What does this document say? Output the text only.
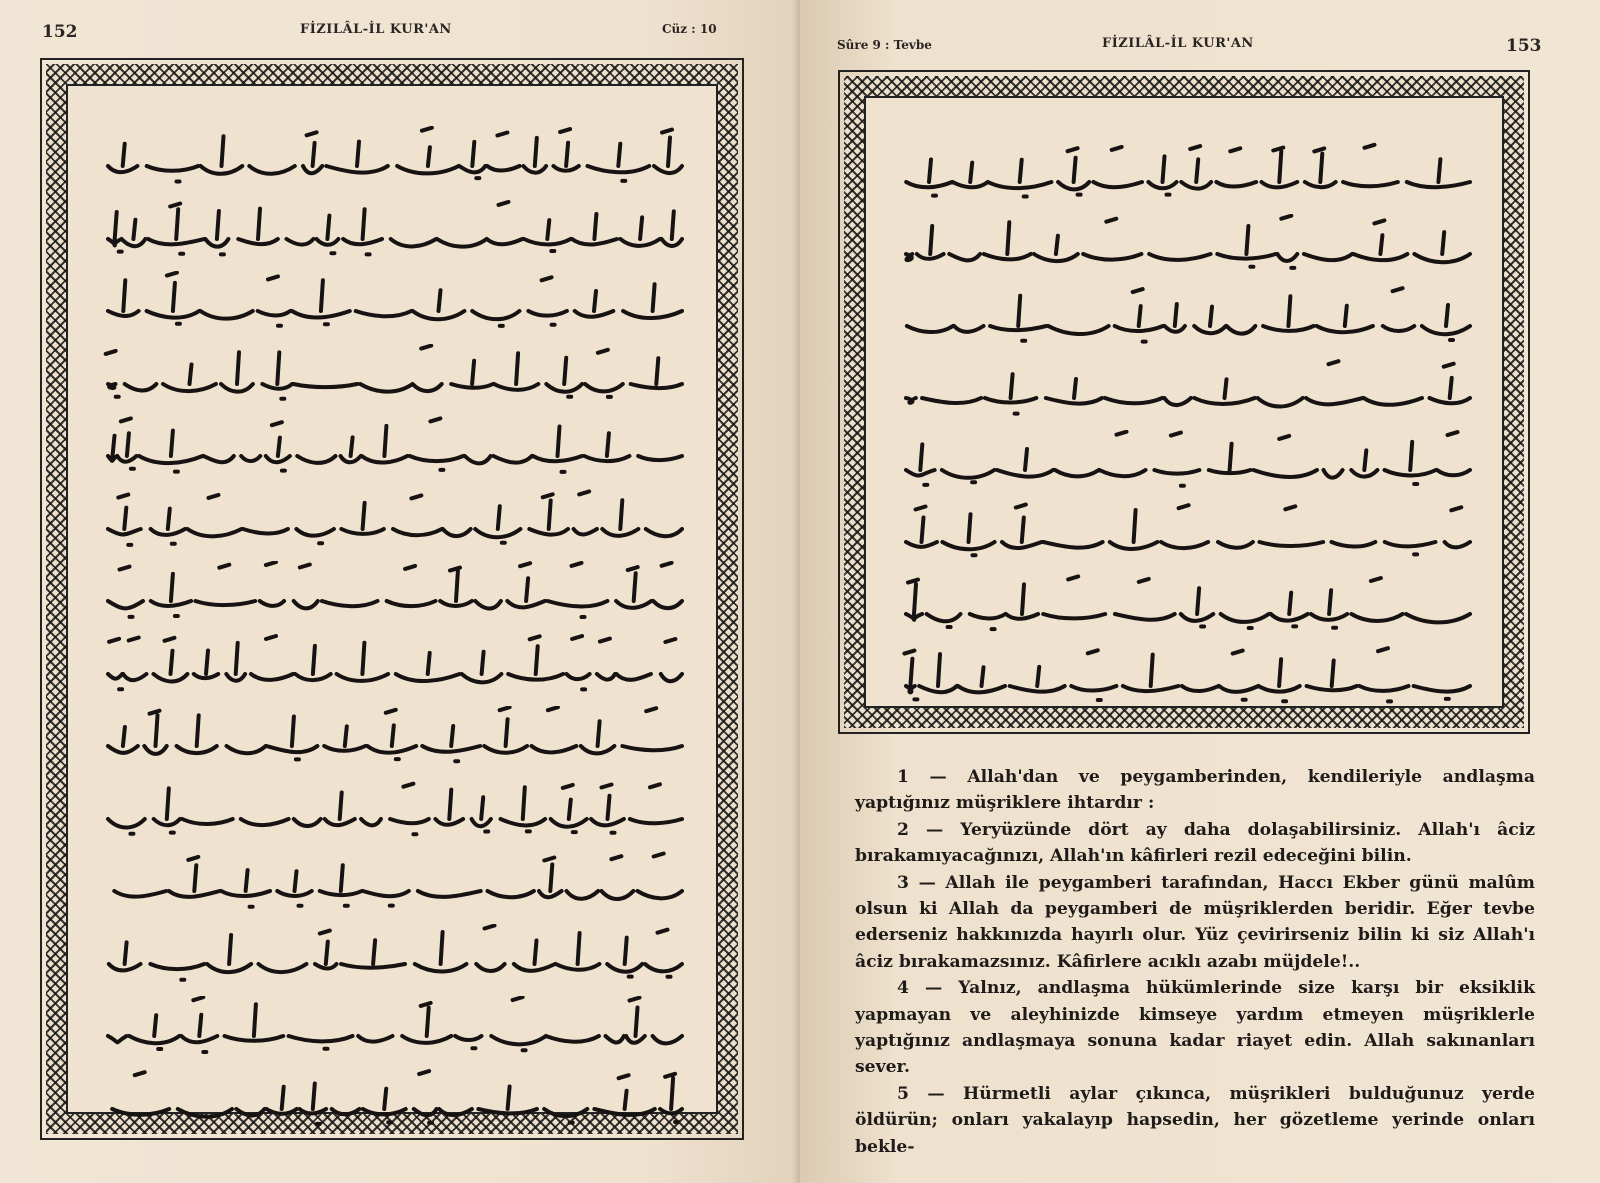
152	FİZILÂL-İL KUR'AN	Cüz : 10
Sûre 9 : Tevbe	FİZILÂL-İL KUR'AN	153

1 — Allah'dan ve peygamberinden, kendileriyle andlaşma yaptığınız müşriklere ihtardır :

2 — Yeryüzünde dört ay daha dolaşabilirsiniz. Allah'ı âciz bırakamıyacağınızı, Allah'ın kâfirleri rezil edeceğini bilin.

3 — Allah ile peygamberi tarafından, Haccı Ekber günü malûm olsun ki Allah da peygamberi de müşriklerden beridir. Eğer tevbe ederseniz hakkınızda hayırlı olur. Yüz çevirirseniz bilin ki siz Allah'ı âciz bırakamazsınız. Kâfirlere acıklı azabı müjdele!..

4 — Yalnız, andlaşma hükümlerinde size karşı bir eksiklik yapmayan ve aleyhinizde kimseye yardım etmeyen müşriklerle yaptığınız andlaşmaya sonuna kadar riayet edin. Allah sakınanları sever.

5 — Hürmetli aylar çıkınca, müşrikleri bulduğunuz yerde öldürün; onları yakalayıp hapsedin, her gözetleme yerinde onları bekle-
